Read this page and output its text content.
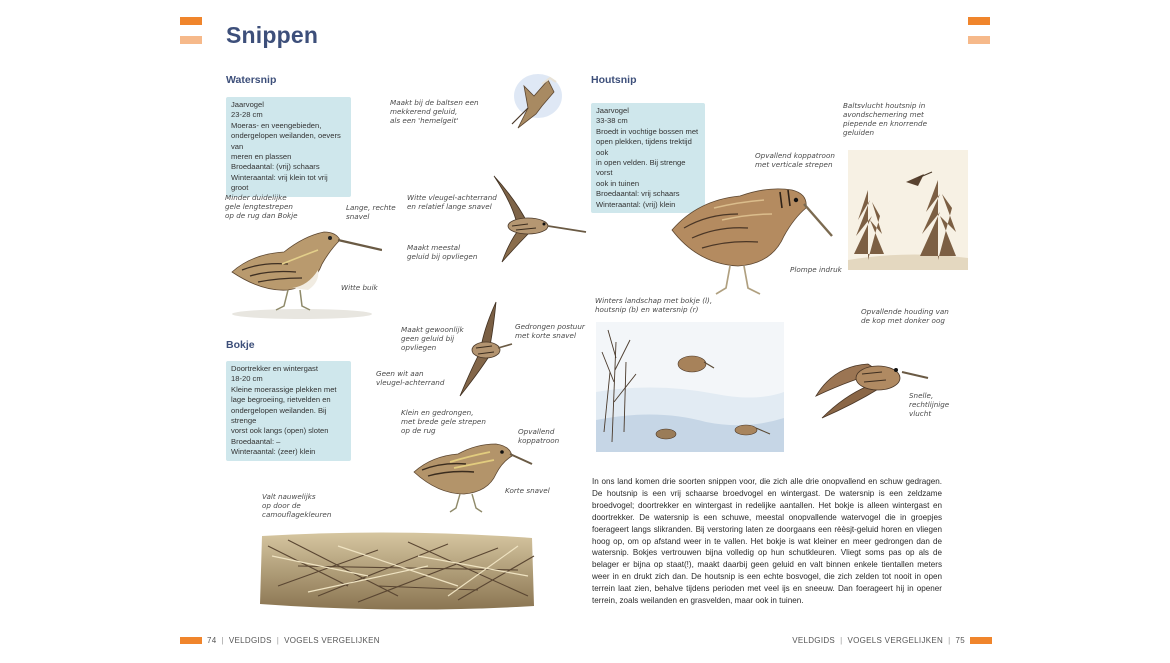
Snippen
Watersnip
Jaarvogel
23-28 cm
Moeras- en veengebieden,
ondergelopen weilanden, oevers van
meren en plassen
Broedaantal: (vrij) schaars
Winteraantal: vrij klein tot vrij groot
Maakt bij de baltsen een
mekkerend geluid,
als een 'hemelgeit'
Minder duidelijke
gele lengtestrepen
op de rug dan Bokje
Lange, rechte
snavel
Witte buik
Witte vleugel-achterrand
en relatief lange snavel
Maakt meestal
geluid bij opvliegen
Bokje
Doortrekker en wintergast
18-20 cm
Kleine moerassige plekken met
lage begroeiing, rietvelden en
ondergelopen weilanden. Bij strenge
vorst ook langs (open) sloten
Broedaantal: –
Winteraantal: (zeer) klein
Maakt gewoonlijk
geen geluid bij
opvliegen
Gedrongen postuur
met korte snavel
Geen wit aan
vleugel-achterrand
Klein en gedrongen,
met brede gele strepen
op de rug	Opvallend
koppatroon
Korte snavel
Valt nauwelijks
op door de
camouflagekleuren
Houtsnip
Jaarvogel
33-38 cm
Broedt in vochtige bossen met
open plekken, tijdens trektijd ook
in open velden. Bij strenge vorst
ook in tuinen
Broedaantal: vrij schaars
Winteraantal: (vrij) klein
Baltsvlucht houtsnip in
avondschemering met
piepende en knorrende
geluiden
Opvallend koppatroon
met verticale strepen
Plompe indruk
Winters landschap met bokje (l),
houtsnip (b) en watersnip (r)	Opvallende houding van
de kop met donker oog
Snelle,
rechtlijnige
vlucht

In ons land komen drie soorten snippen voor, die zich alle drie onopvallend en schuw gedragen. De houtsnip is een vrij schaarse broedvogel en wintergast. De watersnip is een zeldzame broedvogel; doortrekker en wintergast in redelijke aantallen. Het bokje is alleen wintergast en doortrekker. De watersnip is een schuwe, meestal onopvallende watervogel die in groepjes foerageert langs slikranden. Bij verstoring laten ze doorgaans een rèèsjt-geluid horen en vliegen hoog op, om op afstand weer in te vallen. Het bokje is wat kleiner en meer gedrongen dan de watersnip. Bokjes vertrouwen bijna volledig op hun schutkleuren. Vliegt soms pas op als de belager er bijna op staat(!), maakt daarbij geen geluid en valt binnen enkele tientallen meters weer in en drukt zich dan. De houtsnip is een echte bosvogel, die zich zelden tot nooit in open terrein laat zien, behalve tijdens perioden met veel ijs en sneeuw. Dan foerageert hij in opener terrein, zoals weilanden en grasvelden, maar ook in tuinen.

74 | VELDGIDS | VOGELS VERGELIJKEN	VELDGIDS | VOGELS VERGELIJKEN | 75
